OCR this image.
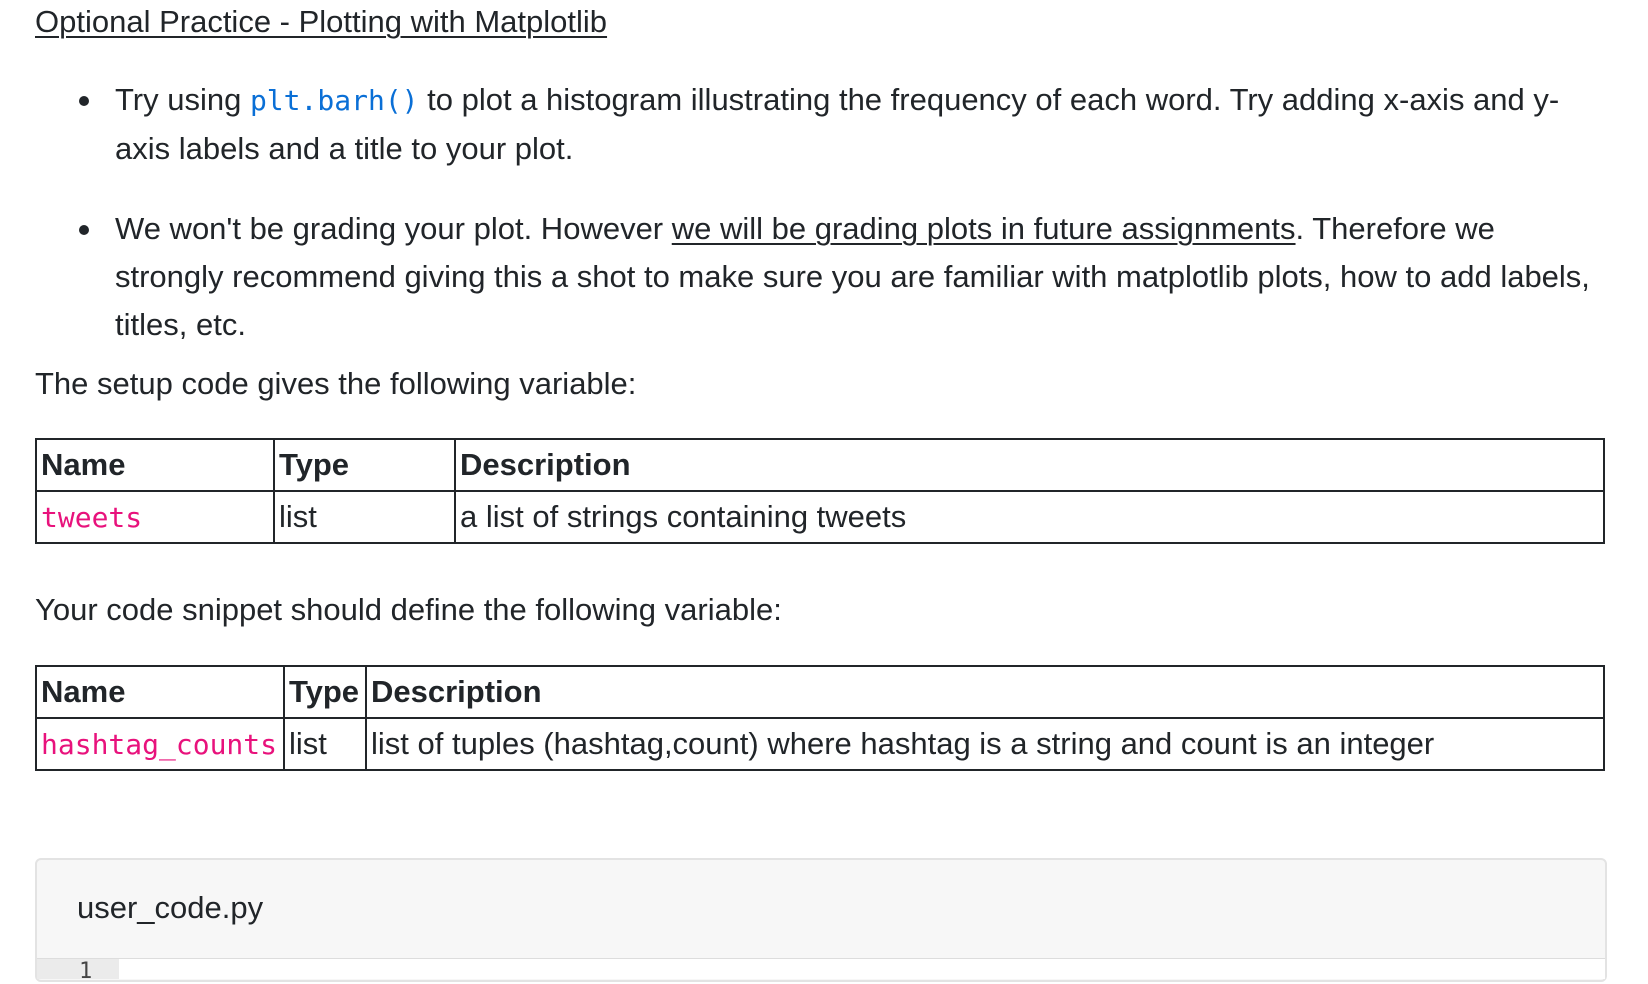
Optional Practice - Plotting with Matplotlib
Try using plt.barh() to plot a histogram illustrating the frequency of each word. Try adding x-axis and y-axis labels and a title to your plot.
We won't be grading your plot. However we will be grading plots in future assignments. Therefore we strongly recommend giving this a shot to make sure you are familiar with matplotlib plots, how to add labels, titles, etc.
The setup code gives the following variable:
Name	Type	Description
tweets	list	a list of strings containing tweets
Your code snippet should define the following variable:
Name	Type	Description
hashtag_counts	list	list of tuples (hashtag,count) where hashtag is a string and count is an integer
user_code.py
1
